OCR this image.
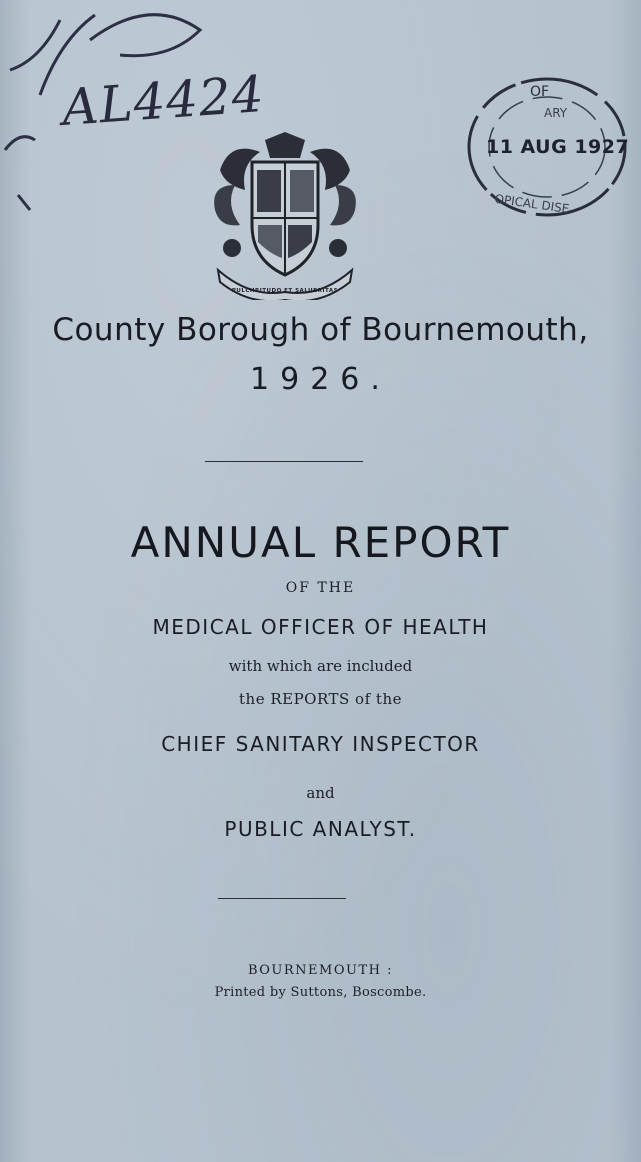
AL4424	OF
ARY
OPICAL DISE
11 AUG 1927
PULCHRITUDO ET SALUBRITAS
County Borough of Bournemouth,
1926.
ANNUAL REPORT
OF THE
MEDICAL OFFICER OF HEALTH
with which are included
the REPORTS of the
CHIEF SANITARY INSPECTOR
and
PUBLIC ANALYST.
BOURNEMOUTH :
Printed by Suttons, Boscombe.
